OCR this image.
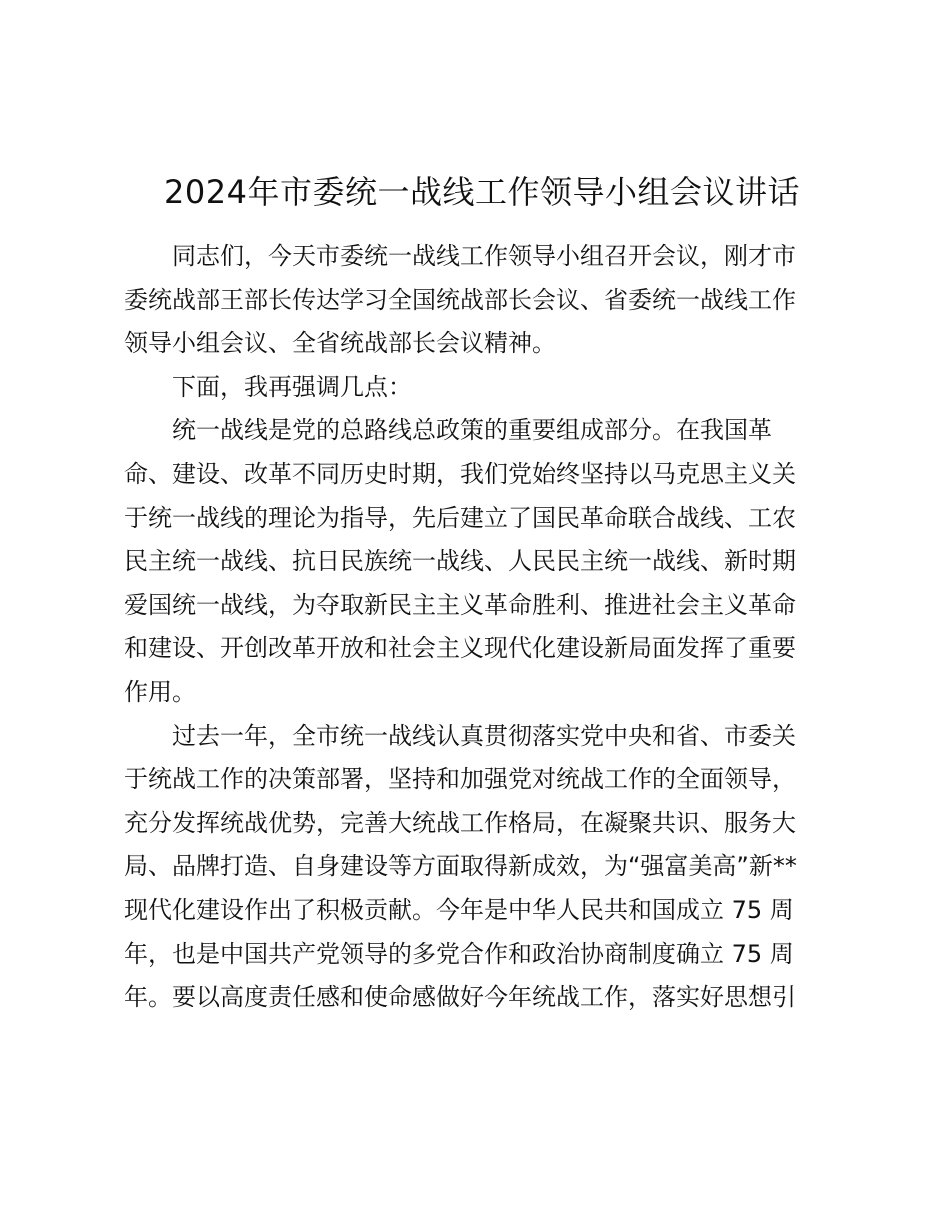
2024年市委统一战线工作领导小组会议讲话

同志们，今天市委统一战线工作领导小组召开会议，刚才市
委统战部王部长传达学习全国统战部长会议、省委统一战线工作
领导小组会议、全省统战部长会议精神。

下面，我再强调几点：

统一战线是党的总路线总政策的重要组成部分。在我国革
命、建设、改革不同历史时期，我们党始终坚持以马克思主义关
于统一战线的理论为指导，先后建立了国民革命联合战线、工农
民主统一战线、抗日民族统一战线、人民民主统一战线、新时期
爱国统一战线，为夺取新民主主义革命胜利、推进社会主义革命
和建设、开创改革开放和社会主义现代化建设新局面发挥了重要
作用。

过去一年，全市统一战线认真贯彻落实党中央和省、市委关
于统战工作的决策部署，坚持和加强党对统战工作的全面领导，
充分发挥统战优势，完善大统战工作格局，在凝聚共识、服务大
局、品牌打造、自身建设等方面取得新成效，为“强富美高”新**
现代化建设作出了积极贡献。今年是中华人民共和国成立 75 周
年，也是中国共产党领导的多党合作和政治协商制度确立 75 周
年。要以高度责任感和使命感做好今年统战工作，落实好思想引
